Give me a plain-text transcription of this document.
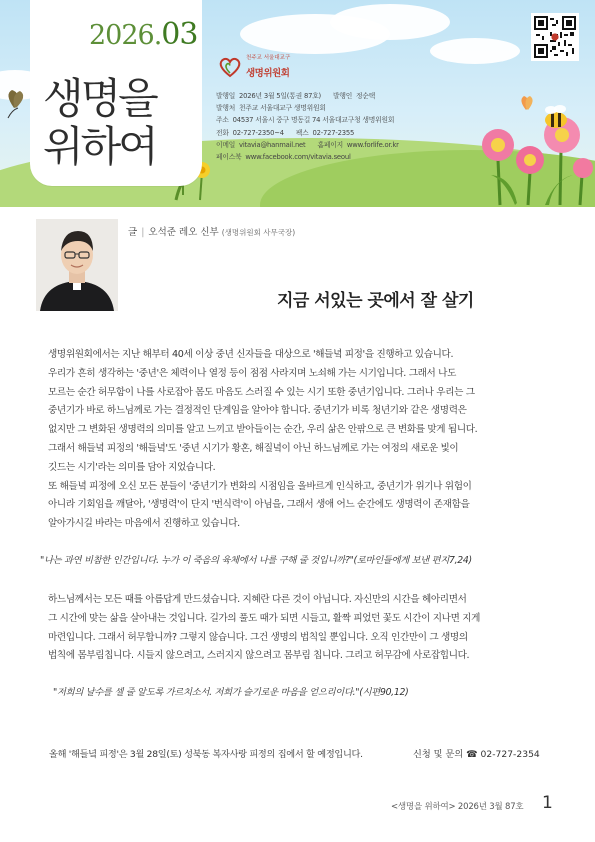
2026.03
생명을
위하여
천주교 서울대교구
생명위원회
발행일 2026년 3월 5일(통권 87호) 발행인 정순택
발행처 천주교 서울대교구 생명위원회
주소 04537 서울시 중구 명동길 74 서울대교구청 생명위원회
전화 02-727-2350~4 팩스 02-727-2355
이메일 vitavia@hanmail.net 홈페이지 www.forlife.or.kr
페이스북 www.facebook.com/vitavia.seoul
글 | 오석준 레오 신부 (생명위원회 사무국장)
지금 서있는 곳에서 잘 살기
생명위원회에서는 지난 해부터 40세 이상 중년 신자들을 대상으로 '해들녘 피정'을 진행하고 있습니다.
우리가 흔히 생각하는 '중년'은 체력이나 열정 등이 점점 사라지며 노쇠해 가는 시기입니다. 그래서 나도
모르는 순간 허무함이 나를 사로잡아 몸도 마음도 스러질 수 있는 시기 또한 중년기입니다. 그러나 우리는 그
중년기가 바로 하느님께로 가는 결정적인 단계임을 알아야 합니다. 중년기가 비록 청년기와 같은 생명력은
없지만 그 변화된 생명력의 의미를 알고 느끼고 받아들이는 순간, 우리 삶은 안팎으로 큰 변화를 맞게 됩니다.
그래서 해들녘 피정의 '해들녘'도 '중년 시기가 황혼, 해질녘이 아닌 하느님께로 가는 여정의 새로운 빛이
깃드는 시기'라는 의미를 담아 지었습니다.
또 해들녘 피정에 오신 모든 분들이 '중년기가 변화의 시점임을 올바르게 인식하고, 중년기가 위기나 위험이
아니라 기회임을 깨달아, '생명력'이 단지 '번식력'이 아님을, 그래서 생애 어느 순간에도 생명력이 존재함을
알아가시길 바라는 마음에서 진행하고 있습니다.
"나는 과연 비참한 인간입니다. 누가 이 죽음의 육체에서 나를 구해 줄 것입니까?"(로마인들에게 보낸 편지7,24)
하느님께서는 모든 때를 아름답게 만드셨습니다. 지혜란 다른 것이 아닙니다. 자신만의 시간을 헤아리면서
그 시간에 맞는 삶을 살아내는 것입니다. 길가의 풀도 때가 되면 시들고, 활짝 피었던 꽃도 시간이 지나면 지게
마련입니다. 그래서 허무합니까? 그렇지 않습니다. 그건 생명의 법칙일 뿐입니다. 오직 인간만이 그 생명의
법칙에 몸부림칩니다. 시들지 않으려고, 스러지지 않으려고 몸부림 칩니다. 그리고 허무감에 사로잡힙니다.
"저희의 날수를 셀 줄 알도록 가르치소서. 저희가 슬기로운 마음을 얻으리이다."(시편90,12)
올해 '해들녘 피정'은 3월 28일(토) 성북동 복자사랑 피정의 집에서 할 예정입니다.	신청 및 문의 ☎ 02-727-2354
<생명을 위하여> 2026년 3월 87호 1
